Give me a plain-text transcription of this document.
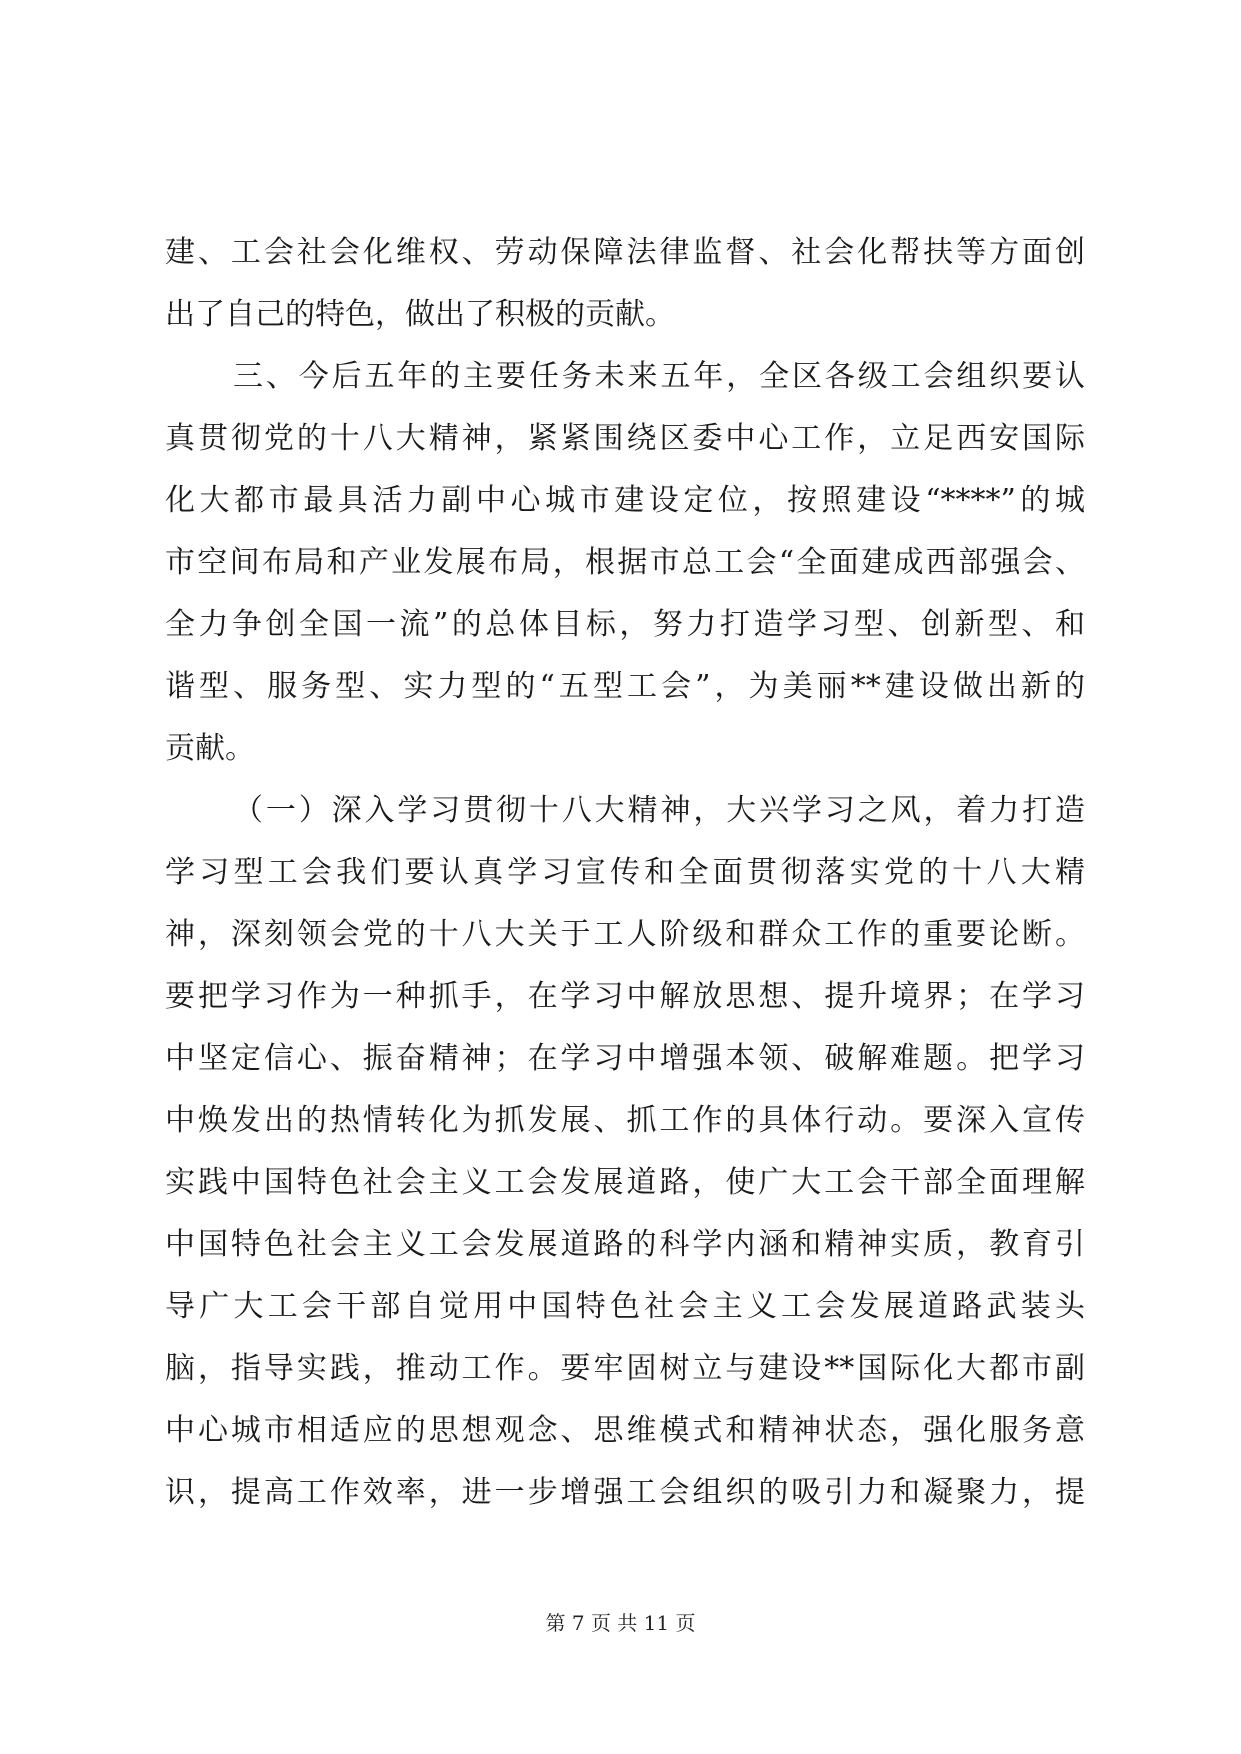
建、工会社会化维权、劳动保障法律监督、社会化帮扶等方面创
出了自己的特色，做出了积极的贡献。
三、今后五年的主要任务未来五年，全区各级工会组织要认
真贯彻党的十八大精神，紧紧围绕区委中心工作，立足西安国际
化大都市最具活力副中心城市建设定位，按照建设“****”的城
市空间布局和产业发展布局，根据市总工会“全面建成西部强会、
全力争创全国一流”的总体目标，努力打造学习型、创新型、和
谐型、服务型、实力型的“五型工会”，为美丽**建设做出新的
贡献。
（一）深入学习贯彻十八大精神，大兴学习之风，着力打造
学习型工会我们要认真学习宣传和全面贯彻落实党的十八大精
神，深刻领会党的十八大关于工人阶级和群众工作的重要论断。
要把学习作为一种抓手，在学习中解放思想、提升境界；在学习
中坚定信心、振奋精神；在学习中增强本领、破解难题。把学习
中焕发出的热情转化为抓发展、抓工作的具体行动。要深入宣传
实践中国特色社会主义工会发展道路，使广大工会干部全面理解
中国特色社会主义工会发展道路的科学内涵和精神实质，教育引
导广大工会干部自觉用中国特色社会主义工会发展道路武装头
脑，指导实践，推动工作。要牢固树立与建设**国际化大都市副
中心城市相适应的思想观念、思维模式和精神状态，强化服务意
识，提高工作效率，进一步增强工会组织的吸引力和凝聚力，提
第 7 页 共 11 页
